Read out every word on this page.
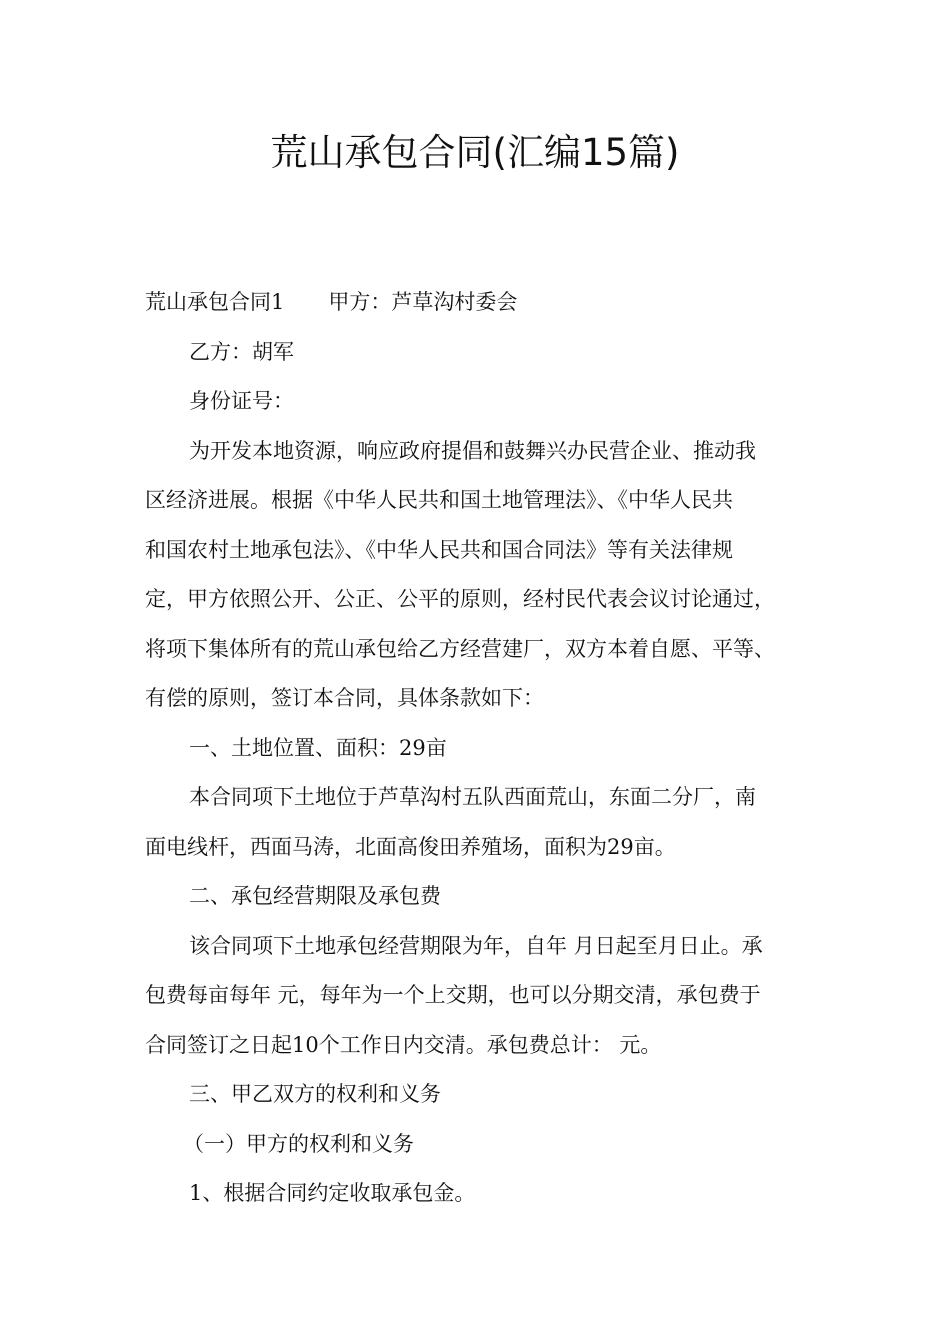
荒山承包合同(汇编15篇)

荒山承包合同1 甲方：芦草沟村委会

乙方：胡军

身份证号：

为开发本地资源，响应政府提倡和鼓舞兴办民营企业、推动我

区经济进展。根据《中华人民共和国土地管理法》、《中华人民共

和国农村土地承包法》、《中华人民共和国合同法》等有关法律规

定，甲方依照公开、公正、公平的原则，经村民代表会议讨论通过，

将项下集体所有的荒山承包给乙方经营建厂，双方本着自愿、平等、

有偿的原则，签订本合同，具体条款如下：

一、土地位置、面积：29亩

本合同项下土地位于芦草沟村五队西面荒山，东面二分厂，南

面电线杆，西面马涛，北面高俊田养殖场，面积为29亩。

二、承包经营期限及承包费

该合同项下土地承包经营期限为年，自年 月日起至月日止。承

包费每亩每年 元，每年为一个上交期，也可以分期交清，承包费于

合同签订之日起10个工作日内交清。承包费总计： 元。

三、甲乙双方的权利和义务

（一）甲方的权利和义务

1、根据合同约定收取承包金。
